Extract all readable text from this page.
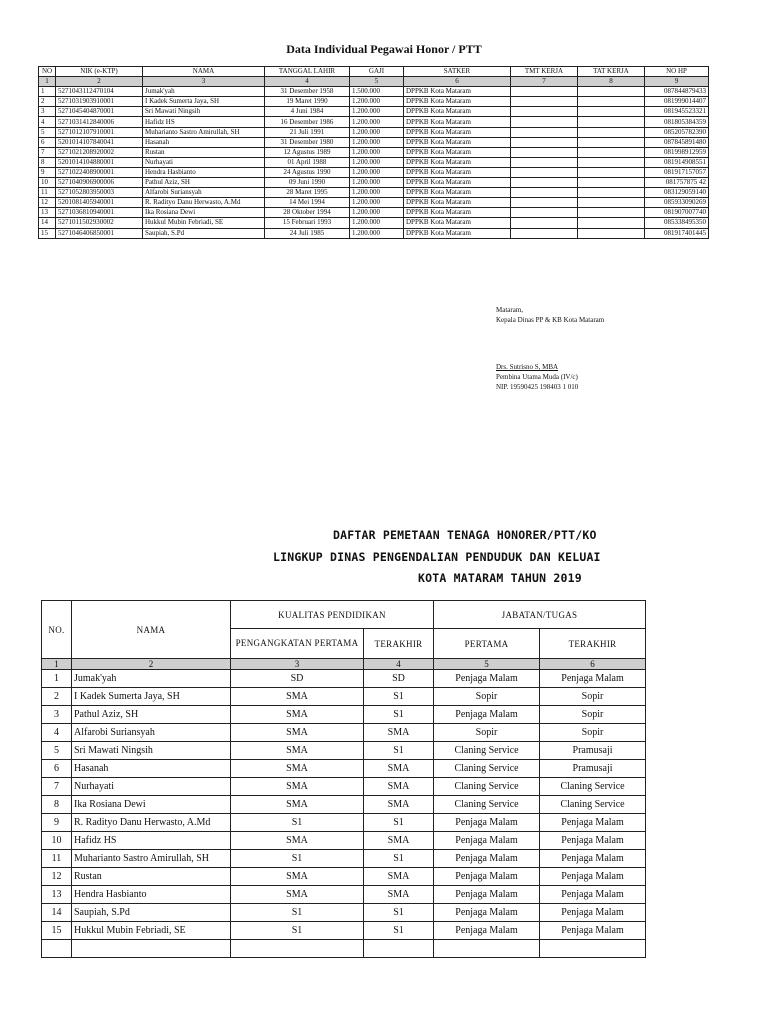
Data Individual Pegawai Honor / PTT
NO	NIK (e-KTP)	NAMA	TANGGAL LAHIR	GAJI	SATKER	TMT KERJA	TAT KERJA	NO HP
1	2	3	4	5	6	7	8	9
1	5271043112470104	Jumak'yah	31 Desember 1958	1.500.000	DPPKB Kota Mataram			087844879433
2	5271031903910001	I Kadek Sumerta Jaya, SH	19 Maret 1990	1.200.000	DPPKB Kota Mataram			081999014407
3	5271045404870001	Sri Mawati Ningsih	4 Juni 1984	1.200.000	DPPKB Kota Mataram			081945523321
4	5271031412840006	Hafidz HS	16 Desember 1986	1.200.000	DPPKB Kota Mataram			081805384359
5	5271012107910001	Muharianto Sastro Amirullah, SH	21 Juli 1991	1.200.000	DPPKB Kota Mataram			085205782390
6	5201014107840041	Hasanah	31 Desember 1980	1.200.000	DPPKB Kota Mataram			087845891480
7	5271021208920002	Rustan	12 Agustus 1989	1.200.000	DPPKB Kota Mataram			081998912959
8	5201014104880001	Nurhayati	01 April 1988	1.200.000	DPPKB Kota Mataram			081914908551
9	5271022408900001	Hendra Hasbianto	24 Agustus 1990	1.200.000	DPPKB Kota Mataram			081917157057
10	5271040906900006	Pathul Aziz, SH	09 Juni 1990	1.200.000	DPPKB Kota Mataram			081757875 42
11	5271052803950003	Alfarobi Suriansyah	28 Maret 1995	1.200.000	DPPKB Kota Mataram			083129059140
12	5201081405940001	R. Radityo Danu Herwasto, A.Md	14 Mei 1994	1.200.000	DPPKB Kota Mataram			085933090269
13	5271036810940001	Ika Rosiana Dewi	28 Oktober 1994	1.200.000	DPPKB Kota Mataram			081907007740
14	5271011502930002	Hukkul Mubin Febriadi, SE	15 Februari 1993	1.200.000	DPPKB Kota Mataram			085338495350
15	5271046406850001	Saupiah, S.Pd	24 Juli 1985	1.200.000	DPPKB Kota Mataram			081917401445
Mataram,
Kepala Dinas PP & KB Kota Mataram
Drs. Sutrisno S, MBA
Pembina Utama Muda (IV/c)
NIP. 19590425 198403 1 010
DAFTAR PEMETAAN TENAGA HONORER/PTT/KO
LINGKUP DINAS PENGENDALIAN PENDUDUK DAN KELUAI
KOTA MATARAM TAHUN 2019
NO.	NAMA	KUALITAS PENDIDIKAN		JABATAN/TUGAS	
		PENGANGKATAN PERTAMA	TERAKHIR	PERTAMA	TERAKHIR
1	2	3	4	5	6
1	Jumak'yah	SD	SD	Penjaga Malam	Penjaga Malam
2	I Kadek Sumerta Jaya, SH	SMA	S1	Sopir	Sopir
3	Pathul Aziz, SH	SMA	S1	Penjaga Malam	Sopir
4	Alfarobi Suriansyah	SMA	SMA	Sopir	Sopir
5	Sri Mawati Ningsih	SMA	S1	Claning Service	Pramusaji
6	Hasanah	SMA	SMA	Claning Service	Pramusaji
7	Nurhayati	SMA	SMA	Claning Service	Claning Service
8	Ika Rosiana Dewi	SMA	SMA	Claning Service	Claning Service
9	R. Radityo Danu Herwasto, A.Md	S1	S1	Penjaga Malam	Penjaga Malam
10	Hafidz HS	SMA	SMA	Penjaga Malam	Penjaga Malam
11	Muharianto Sastro Amirullah, SH	S1	S1	Penjaga Malam	Penjaga Malam
12	Rustan	SMA	SMA	Penjaga Malam	Penjaga Malam
13	Hendra Hasbianto	SMA	SMA	Penjaga Malam	Penjaga Malam
14	Saupiah, S.Pd	S1	S1	Penjaga Malam	Penjaga Malam
15	Hukkul Mubin Febriadi, SE	S1	S1	Penjaga Malam	Penjaga Malam
